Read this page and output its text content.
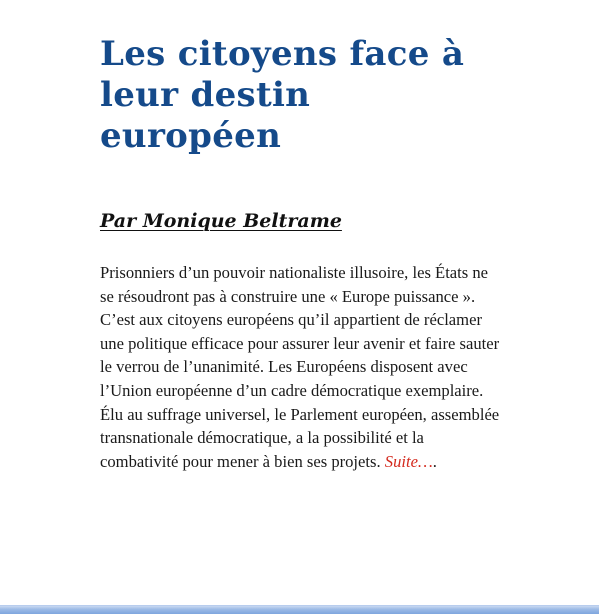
Les citoyens face à leur destin européen

Par Monique Beltrame

Prisonniers d’un pouvoir nationaliste illusoire, les États ne se résoudront pas à construire une « Europe puissance ». C’est aux citoyens européens qu’il appartient de réclamer une politique efficace pour assurer leur avenir et faire sauter le verrou de l’unanimité. Les Européens disposent avec l’Union européenne d’un cadre démocratique exemplaire. Élu au suffrage universel, le Parlement européen, assemblée transnationale démocratique, a la possibilité et la combativité pour mener à bien ses projets. Suite….
